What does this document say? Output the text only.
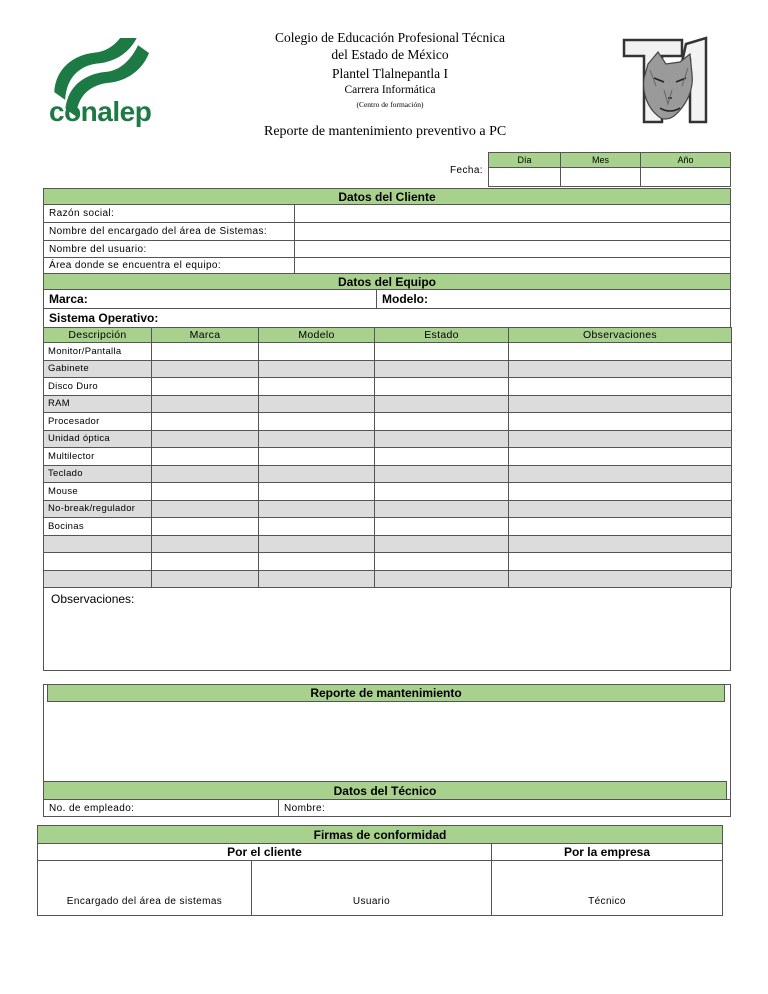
conalep
Colegio de Educación Profesional Técnica
del Estado de México
Plantel Tlalnepantla I
Carrera Informática
(Centro de formación)
Reporte de mantenimiento preventivo a PC
Fecha:
Día	Mes	Año
Datos del Cliente
Razón social:
Nombre del encargado del área de Sistemas:
Nombre del usuario:
Área donde se encuentra el equipo:
Datos del Equipo
Marca:	Modelo:
Sistema Operativo:
Descripción	Marca	Modelo	Estado	Observaciones
Monitor/Pantalla				
Gabinete				
Disco Duro				
RAM				
Procesador				
Unidad óptica				
Multilector				
Teclado				
Mouse				
No-break/regulador				
Bocinas				

Observaciones:
Reporte de mantenimiento
Datos del Técnico
No. de empleado:	Nombre:
Firmas de conformidad
Por el cliente	Por la empresa
Encargado del área de sistemas	Usuario	Técnico
